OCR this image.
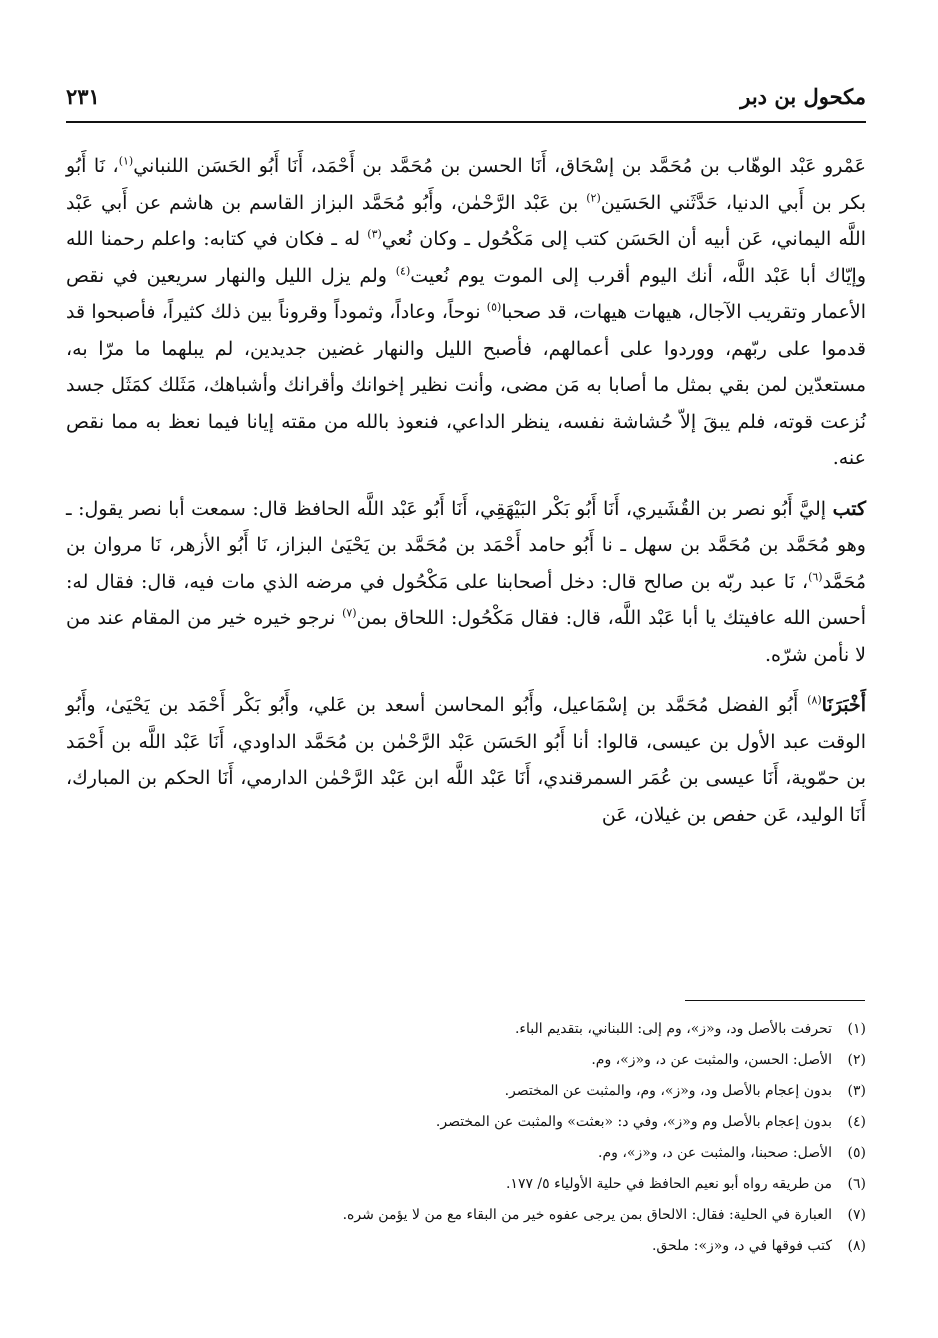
مكحول بن دبر
٢٣١

عَمْرو عَبْد الوهّاب بن مُحَمَّد بن إسْحَاق، أَنَا الحسن بن مُحَمَّد بن أَحْمَد، أَنَا أَبُو الحَسَن اللنباني$^{(١)}$، نَا أَبُو بكر بن أَبي الدنيا، حَدَّثَني الحَسَين$^{(٢)}$ بن عَبْد الرَّحْمٰن، وأَبُو مُحَمَّد البزاز القاسم بن هاشم عن أَبي عَبْد اللَّه اليماني، عَن أبيه أن الحَسَن كتب إلى مَكْحُول ـ وكان نُعي$^{(٣)}$ له ـ فكان في كتابه: واعلم رحمنا الله وإيّاك أبا عَبْد اللَّه، أنك اليوم أقرب إلى الموت يوم نُعيت$^{(٤)}$ ولم يزل الليل والنهار سريعين في نقص الأعمار وتقريب الآجال، هيهات هيهات، قد صحبا$^{(٥)}$ نوحاً، وعاداً، وثموداً وقروناً بين ذلك كثيراً، فأصبحوا قد قدموا على ربّهم، ووردوا على أعمالهم، فأصبح الليل والنهار غضين جديدين، لم يبلهما ما مرّا به، مستعدّين لمن بقي بمثل ما أصابا به مَن مضى، وأنت نظير إخوانك وأقرانك وأشباهك، مَثَلك كمَثَل جسد نُزعت قوته، فلم يبقَ إلاّ حُشاشة نفسه، ينظر الداعي، فنعوذ بالله من مقته إيانا فيما نعظ به مما نقص عنه.

كتب إليَّ أَبُو نصر بن القُشَيري، أَنَا أَبُو بَكْر البَيْهَقِي، أَنَا أَبُو عَبْد اللَّه الحافظ قال: سمعت أبا نصر يقول: ـ وهو مُحَمَّد بن مُحَمَّد بن سهل ـ نا أَبُو حامد أَحْمَد بن مُحَمَّد بن يَحْيَىٰ البزاز، نَا أَبُو الأزهر، نَا مروان بن مُحَمَّد$^{(٦)}$، نَا عبد ربّه بن صالح قال: دخل أصحابنا على مَكْحُول في مرضه الذي مات فيه، قال: فقال له: أحسن الله عافيتك يا أبا عَبْد اللَّه، قال: فقال مَكْحُول: اللحاق بمن$^{(٧)}$ نرجو خيره خير من المقام عند من لا نأمن شرّه.

أَخْبَرَنَا$^{(٨)}$ أَبُو الفضل مُحَمَّد بن إسْمَاعيل، وأَبُو المحاسن أسعد بن عَلي، وأَبُو بَكْر أَحْمَد بن يَحْيَىٰ، وأَبُو الوقت عبد الأول بن عيسى، قالوا: أنا أَبُو الحَسَن عَبْد الرَّحْمٰن بن مُحَمَّد الداودي، أَنَا عَبْد اللَّه بن أَحْمَد بن حمّوية، أَنَا عيسى بن عُمَر السمرقندي، أَنَا عَبْد اللَّه ابن عَبْد الرَّحْمٰن الدارمي، أَنَا الحكم بن المبارك، أَنَا الوليد، عَن حفص بن غيلان، عَن

(١)تحرفت بالأصل ود، و«ز»، وم إلى: اللبناني، بتقديم الباء.
(٢)الأصل: الحسن، والمثبت عن د، و«ز»، وم.
(٣)بدون إعجام بالأصل ود، و«ز»، وم، والمثبت عن المختصر.
(٤)بدون إعجام بالأصل وم و«ز»، وفي د: «بعثت» والمثبت عن المختصر.
(٥)الأصل: صحبنا، والمثبت عن د، و«ز»، وم.
(٦)من طريقه رواه أبو نعيم الحافظ في حلية الأولياء ٥/ ١٧٧.
(٧)العبارة في الحلية: فقال: الالحاق بمن يرجى عفوه خير من البقاء مع من لا يؤمن شره.
(٨)كتب فوقها في د، و«ز»: ملحق.
